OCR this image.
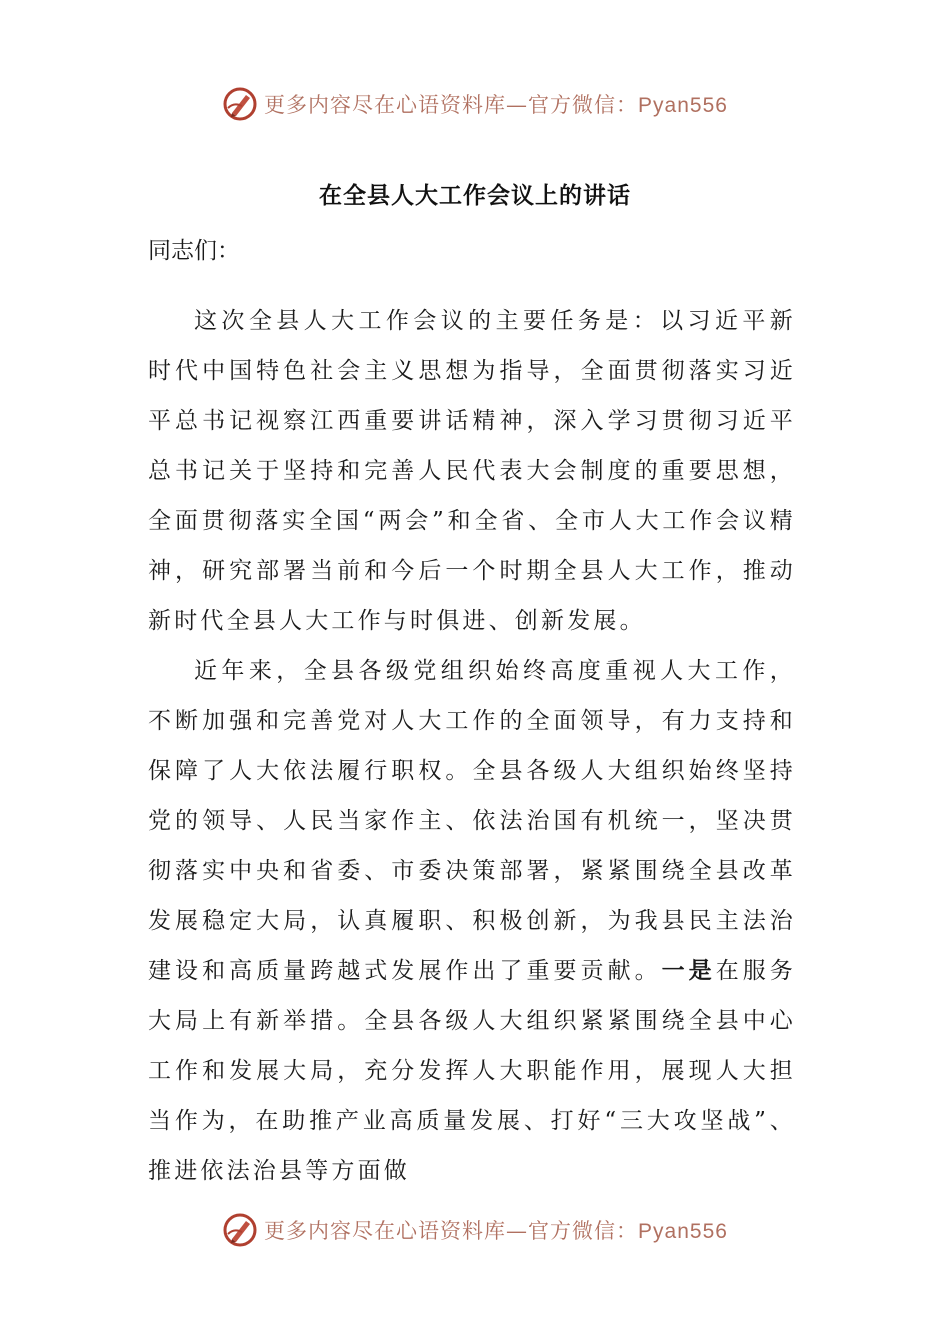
更多内容尽在心语资料库—官方微信：Pyan556
在全县人大工作会议上的讲话
同志们：

这次全县人大工作会议的主要任务是：以习近平新时代中国特色社会主义思想为指导，全面贯彻落实习近平总书记视察江西重要讲话精神，深入学习贯彻习近平总书记关于坚持和完善人民代表大会制度的重要思想，全面贯彻落实全国“两会”和全省、全市人大工作会议精神，研究部署当前和今后一个时期全县人大工作，推动新时代全县人大工作与时俱进、创新发展。

近年来，全县各级党组织始终高度重视人大工作，不断加强和完善党对人大工作的全面领导，有力支持和保障了人大依法履行职权。全县各级人大组织始终坚持党的领导、人民当家作主、依法治国有机统一，坚决贯彻落实中央和省委、市委决策部署，紧紧围绕全县改革发展稳定大局，认真履职、积极创新，为我县民主法治建设和高质量跨越式发展作出了重要贡献。一是在服务大局上有新举措。全县各级人大组织紧紧围绕全县中心工作和发展大局，充分发挥人大职能作用，展现人大担当作为，在助推产业高质量发展、打好“三大攻坚战”、推进依法治县等方面做

更多内容尽在心语资料库—官方微信：Pyan556
